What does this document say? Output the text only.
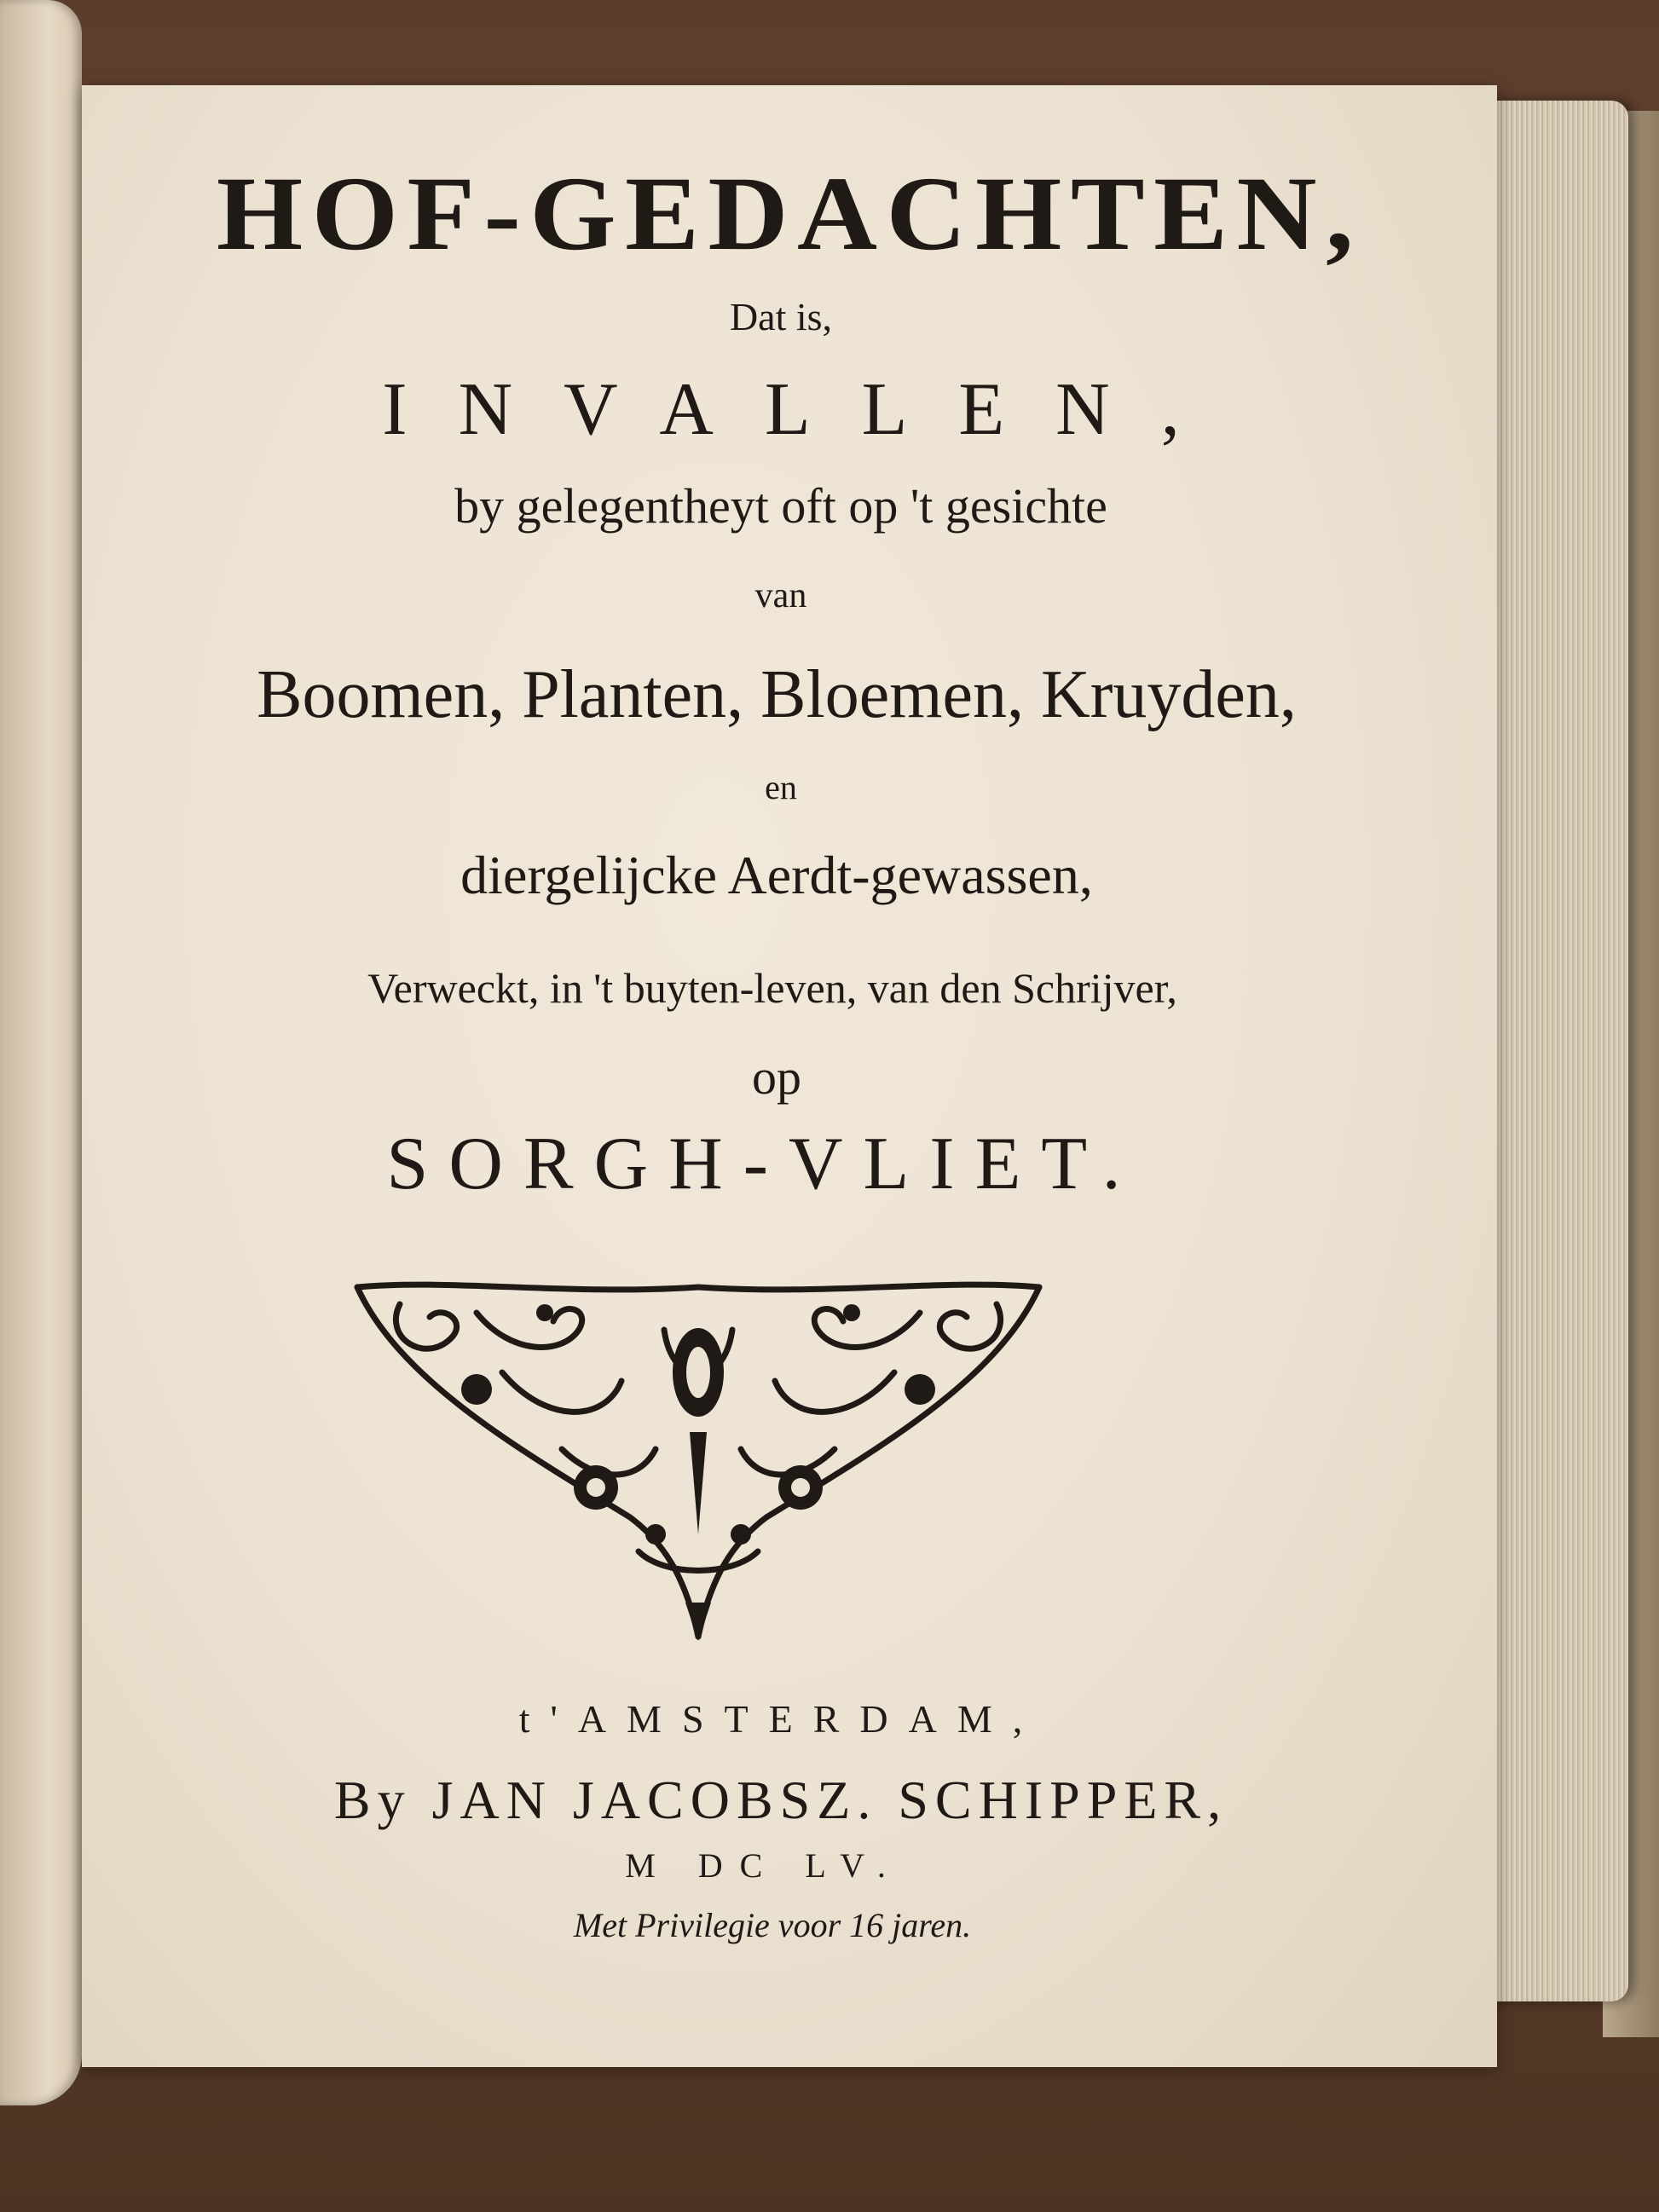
HOF-GEDACHTEN,
Dat is,
INVALLEN,
by gelegentheyt oft op 't gesichte
van
Boomen, Planten, Bloemen, Kruyden,
en
diergelijcke Aerdt-gewassen,
Verweckt, in 't buyten-leven, van den Schrijver,
op
SORGH-VLIET.
t'AMSTERDAM,
By JAN JACOBSZ. SCHIPPER,
M DC LV.
Met Privilegie voor 16 jaren.
